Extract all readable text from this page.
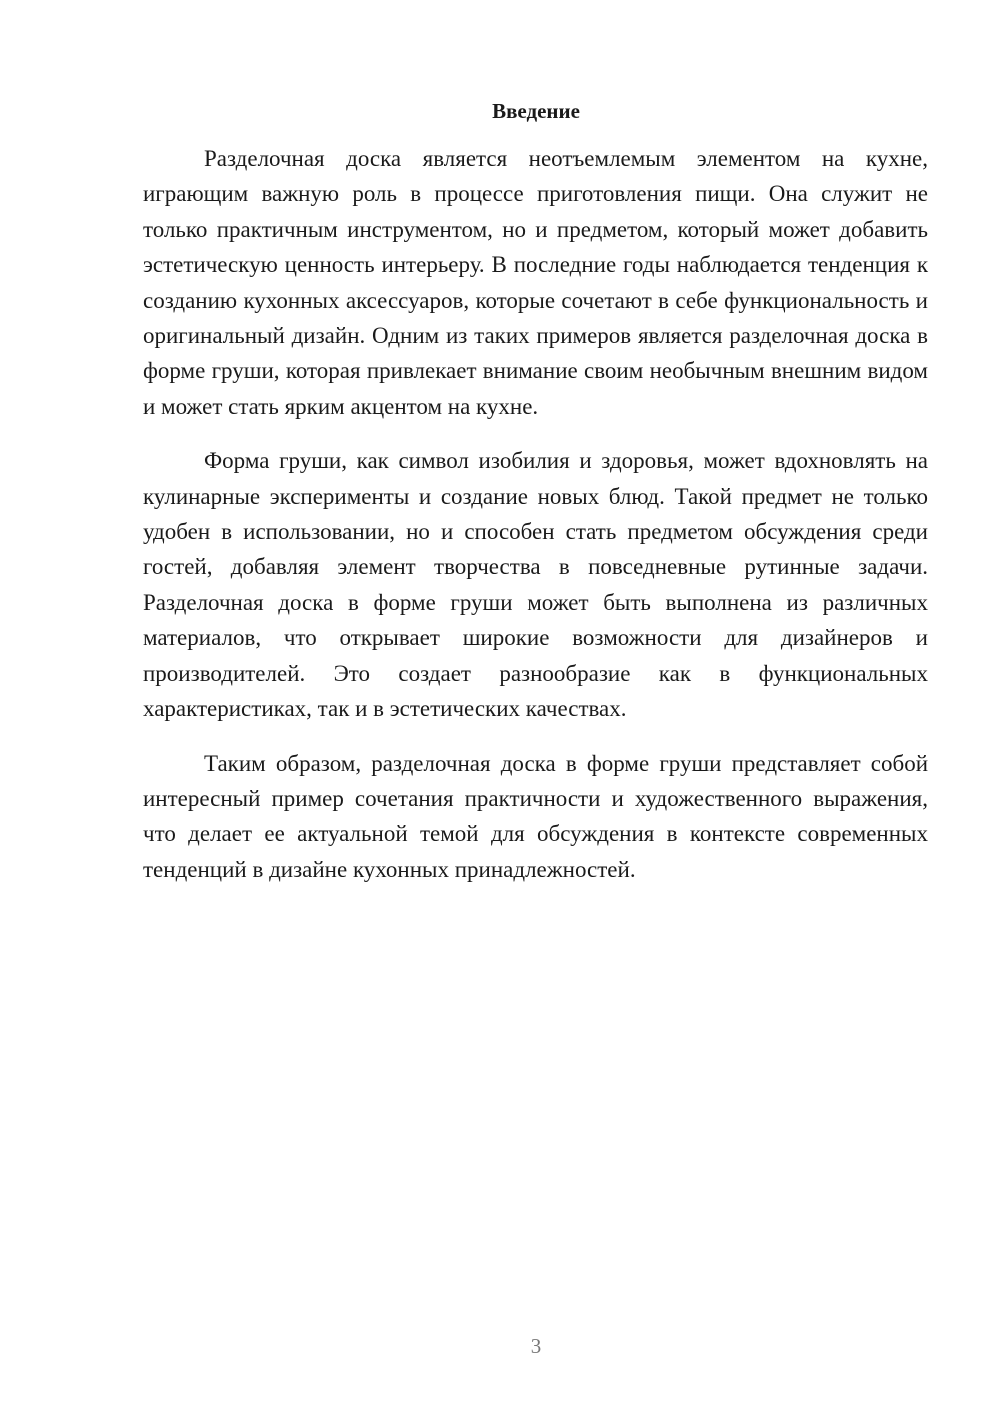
Введение

Разделочная доска является неотъемлемым элементом на кухне, играющим важную роль в процессе приготовления пищи. Она служит не только практичным инструментом, но и предметом, который может добавить эстетическую ценность интерьеру. В последние годы наблюдается тенденция к созданию кухонных аксессуаров, которые сочетают в себе функциональность и оригинальный дизайн. Одним из таких примеров является разделочная доска в форме груши, которая привлекает внимание своим необычным внешним видом и может стать ярким акцентом на кухне.

Форма груши, как символ изобилия и здоровья, может вдохновлять на кулинарные эксперименты и создание новых блюд. Такой предмет не только удобен в использовании, но и способен стать предметом обсуждения среди гостей, добавляя элемент творчества в повседневные рутинные задачи. Разделочная доска в форме груши может быть выполнена из различных материалов, что открывает широкие возможности для дизайнеров и производителей. Это создает разнообразие как в функциональных характеристиках, так и в эстетических качествах.

Таким образом, разделочная доска в форме груши представляет собой интересный пример сочетания практичности и художественного выражения, что делает ее актуальной темой для обсуждения в контексте современных тенденций в дизайне кухонных принадлежностей.

3
